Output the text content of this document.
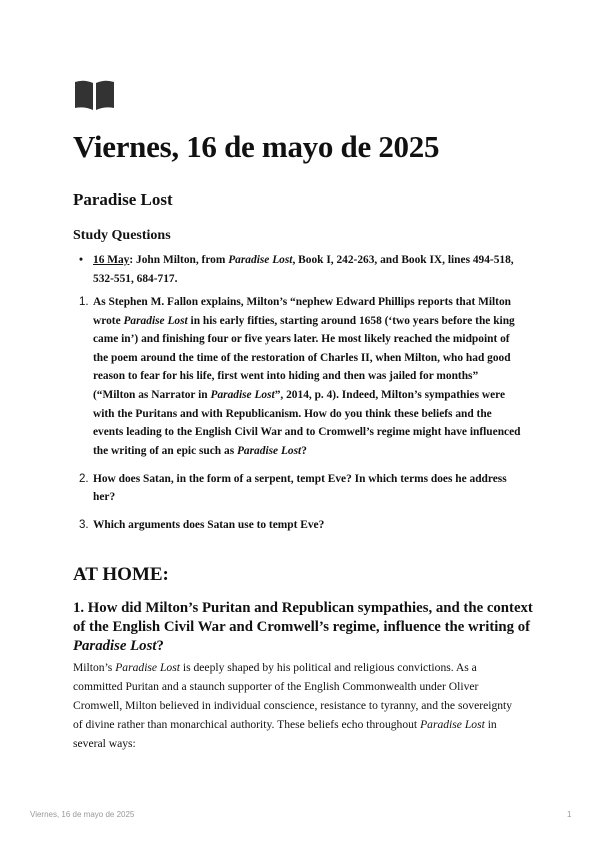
Viernes, 16 de mayo de 2025
Paradise Lost
Study Questions
• 16 May: John Milton, from Paradise Lost, Book I, 242-263, and Book IX, lines 494-518, 532-551, 684-717.
1. As Stephen M. Fallon explains, Milton’s “nephew Edward Phillips reports that Milton wrote Paradise Lost in his early fifties, starting around 1658 (‘two years before the king came in’) and finishing four or five years later. He most likely reached the midpoint of the poem around the time of the restoration of Charles II, when Milton, who had good reason to fear for his life, first went into hiding and then was jailed for months” (“Milton as Narrator in Paradise Lost”, 2014, p. 4). Indeed, Milton’s sympathies were with the Puritans and with Republicanism. How do you think these beliefs and the events leading to the English Civil War and to Cromwell’s regime might have influenced the writing of an epic such as Paradise Lost?
2. How does Satan, in the form of a serpent, tempt Eve? In which terms does he address her?
3. Which arguments does Satan use to tempt Eve?
AT HOME:
1. How did Milton’s Puritan and Republican sympathies, and the context of the English Civil War and Cromwell’s regime, influence the writing of Paradise Lost?

Milton’s Paradise Lost is deeply shaped by his political and religious convictions. As a committed Puritan and a staunch supporter of the English Commonwealth under Oliver Cromwell, Milton believed in individual conscience, resistance to tyranny, and the sovereignty of divine rather than monarchical authority. These beliefs echo throughout Paradise Lost in several ways:

Viernes, 16 de mayo de 2025	1
